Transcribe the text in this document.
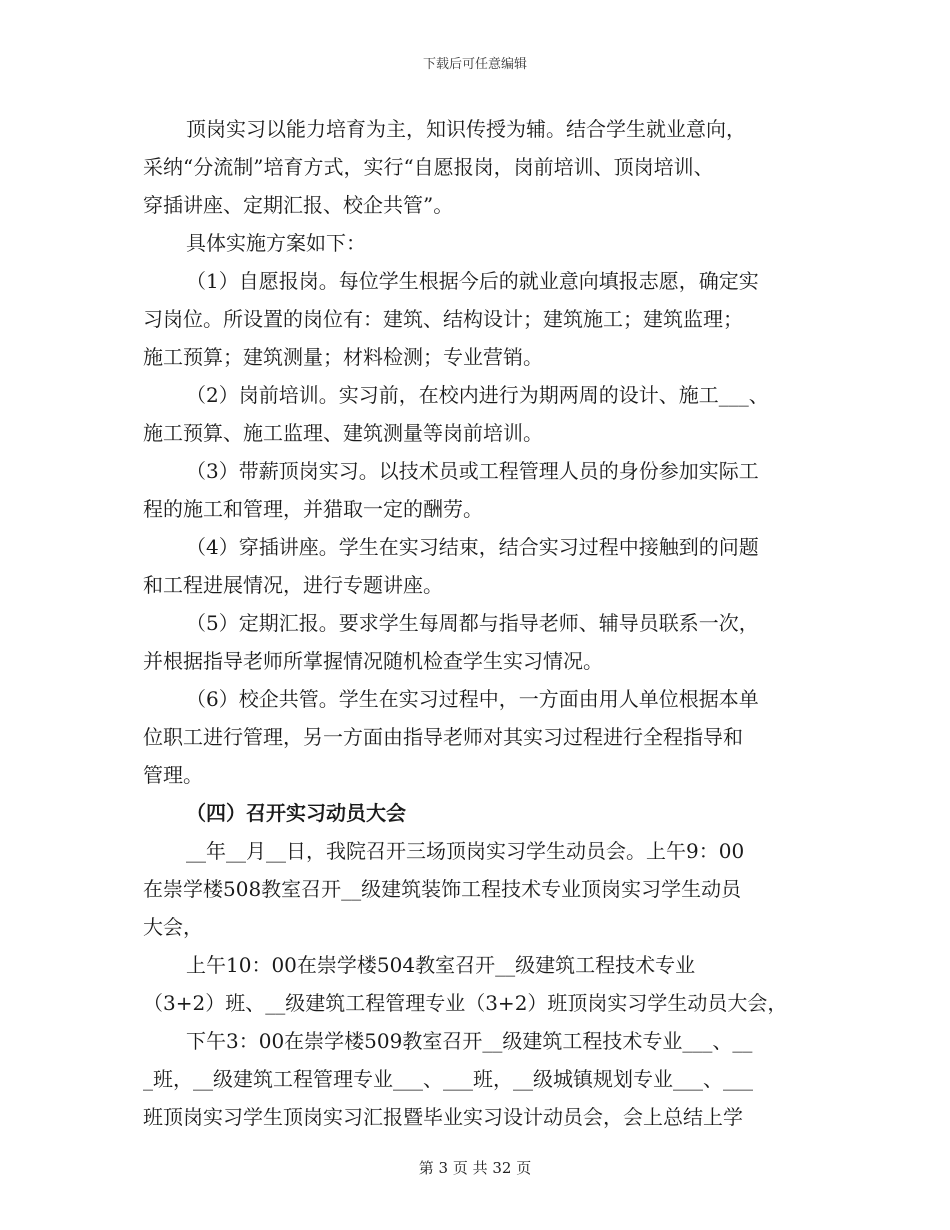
下载后可任意编辑
顶岗实习以能力培育为主，知识传授为辅。结合学生就业意向，
采纳“分流制”培育方式，实行“自愿报岗，岗前培训、顶岗培训、
穿插讲座、定期汇报、校企共管”。
具体实施方案如下：
（1）自愿报岗。每位学生根据今后的就业意向填报志愿，确定实
习岗位。所设置的岗位有：建筑、结构设计；建筑施工；建筑监理；
施工预算；建筑测量；材料检测；专业营销。
（2）岗前培训。实习前，在校内进行为期两周的设计、施工___、
施工预算、施工监理、建筑测量等岗前培训。
（3）带薪顶岗实习。以技术员或工程管理人员的身份参加实际工
程的施工和管理，并猎取一定的酬劳。
（4）穿插讲座。学生在实习结束，结合实习过程中接触到的问题
和工程进展情况，进行专题讲座。
（5）定期汇报。要求学生每周都与指导老师、辅导员联系一次，
并根据指导老师所掌握情况随机检查学生实习情况。
（6）校企共管。学生在实习过程中，一方面由用人单位根据本单
位职工进行管理，另一方面由指导老师对其实习过程进行全程指导和
管理。
（四）召开实习动员大会
__年__月__日，我院召开三场顶岗实习学生动员会。上午9：00
在崇学楼508教室召开__级建筑装饰工程技术专业顶岗实习学生动员
大会，
上午10：00在崇学楼504教室召开__级建筑工程技术专业
（3+2）班、__级建筑工程管理专业（3+2）班顶岗实习学生动员大会，
下午3：00在崇学楼509教室召开__级建筑工程技术专业___、__
_班，__级建筑工程管理专业___、___班，__级城镇规划专业___、___
班顶岗实习学生顶岗实习汇报暨毕业实习设计动员会，会上总结上学
第 3 页 共 32 页
